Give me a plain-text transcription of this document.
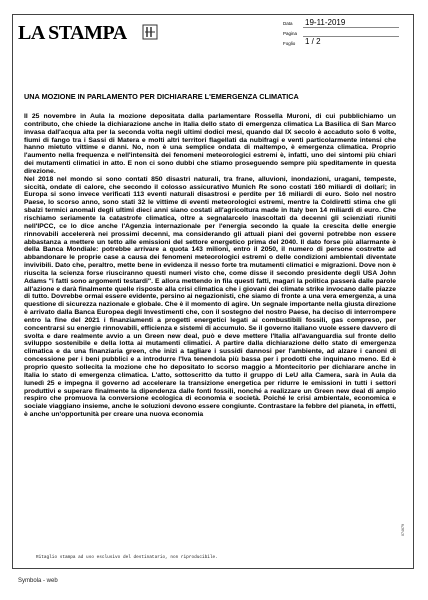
LA STAMPA	Data 19-11-2019
Pagina
Foglio 1 / 2
UNA MOZIONE IN PARLAMENTO PER DICHIARARE L'EMERGENZA CLIMATICA

Il 25 novembre in Aula la mozione depositata dalla parlamentare Rossella Muroni, di cui pubblichiamo un contributo, che chiede la dichiarazione anche in Italia dello stato di emergenza climatica La Basilica di San Marco invasa dall'acqua alta per la seconda volta negli ultimi dodici mesi, quando dal IX secolo è accaduto solo 6 volte, fiumi di fango tra i Sassi di Matera e molti altri territori flagellati da nubifragi e venti particolarmente intensi che hanno mietuto vittime e danni. No, non è una semplice ondata di maltempo, è emergenza climatica. Proprio l'aumento nella frequenza e nell'intensità dei fenomeni meteorologici estremi è, infatti, uno dei sintomi più chiari dei mutamenti climatici in atto. E non ci sono dubbi che stiamo proseguendo sempre più speditamente in questa direzione.

Nel 2018 nel mondo si sono contati 850 disastri naturali, tra frane, alluvioni, inondazioni, uragani, tempeste, siccità, ondate di calore, che secondo il colosso assicurativo Munich Re sono costati 160 miliardi di dollari; in Europa si sono invece verificati 113 eventi naturali disastrosi e perdite per 16 miliardi di euro. Solo nel nostro Paese, lo scorso anno, sono stati 32 le vittime di eventi meteorologici estremi, mentre la Coldiretti stima che gli sbalzi termici anomali degli ultimi dieci anni siano costati all'agricoltura made in Italy ben 14 miliardi di euro. Che rischiamo seriamente la catastrofe climatica, oltre a segnalarcelo inascoltati da decenni gli scienziati riuniti nell'IPCC, ce lo dice anche l'Agenzia internazionale per l'energia secondo la quale la crescita delle energie rinnovabili accelererà nei prossimi decenni, ma considerando gli attuali piani dei governi potrebbe non essere abbastanza a mettere un tetto alle emissioni del settore energetico prima del 2040. Il dato forse più allarmante è della Banca Mondiale: potrebbe arrivare a quota 143 milioni, entro il 2050, il numero di persone costrette ad abbandonare le proprie case a causa dei fenomeni meteorologici estremi o delle condizioni ambientali diventate invivibili. Dato che, peraltro, mette bene in evidenza il nesso forte tra mutamenti climatici e migrazioni. Dove non è riuscita la scienza forse riusciranno questi numeri visto che, come disse il secondo presidente degli USA John Adams "i fatti sono argomenti testardi". E allora mettendo in fila questi fatti, magari la politica passerà dalle parole all'azione e darà finalmente quelle risposte alla crisi climatica che i giovani dei climate strike invocano dalle piazze di tutto. Dovrebbe ormai essere evidente, persino ai negazionisti, che siamo di fronte a una vera emergenza, a una questione di sicurezza nazionale e globale. Che è il momento di agire. Un segnale importante nella giusta direzione è arrivato dalla Banca Europea degli Investimenti che, con il sostegno del nostro Paese, ha deciso di interrompere entro la fine del 2021 i finanziamenti a progetti energetici legati ai combustibili fossili, gas compreso, per concentrarsi su energie rinnovabili, efficienza e sistemi di accumulo. Se il governo italiano vuole essere davvero di svolta e dare realmente avvio a un Green new deal, può e deve mettere l'Italia all'avanguardia sul fronte dello sviluppo sostenibile e della lotta ai mutamenti climatici. A partire dalla dichiarazione dello stato di emergenza climatica e da una finanziaria green, che inizi a tagliare i sussidi dannosi per l'ambiente, ad alzare i canoni di concessione per i beni pubblici e a introdurre l'Iva tenendola più bassa per i prodotti che inquinano meno. Ed è proprio questo sollecita la mozione che ho depositato lo scorso maggio a Montecitorio per dichiarare anche in Italia lo stato di emergenza climatica. L'atto, sottoscritto da tutto il gruppo di LeU alla Camera, sarà in Aula da lunedì 25 e impegna il governo ad accelerare la transizione energetica per ridurre le emissioni in tutti i settori produttivi e superare finalmente la dipendenza dalle fonti fossili, nonché a realizzare un Green new deal di ampio respiro che promuova la conversione ecologica di economia e società. Poiché le crisi ambientale, economica e sociale viaggiano insieme, anche le soluzioni devono essere congiunte. Contrastare la febbre del pianeta, in effetti, è anche un'opportunità per creare una nuova economia

Ritaglio stampa ad uso esclusivo del destinatario, non riproducibile.
074679
Symbola - web
